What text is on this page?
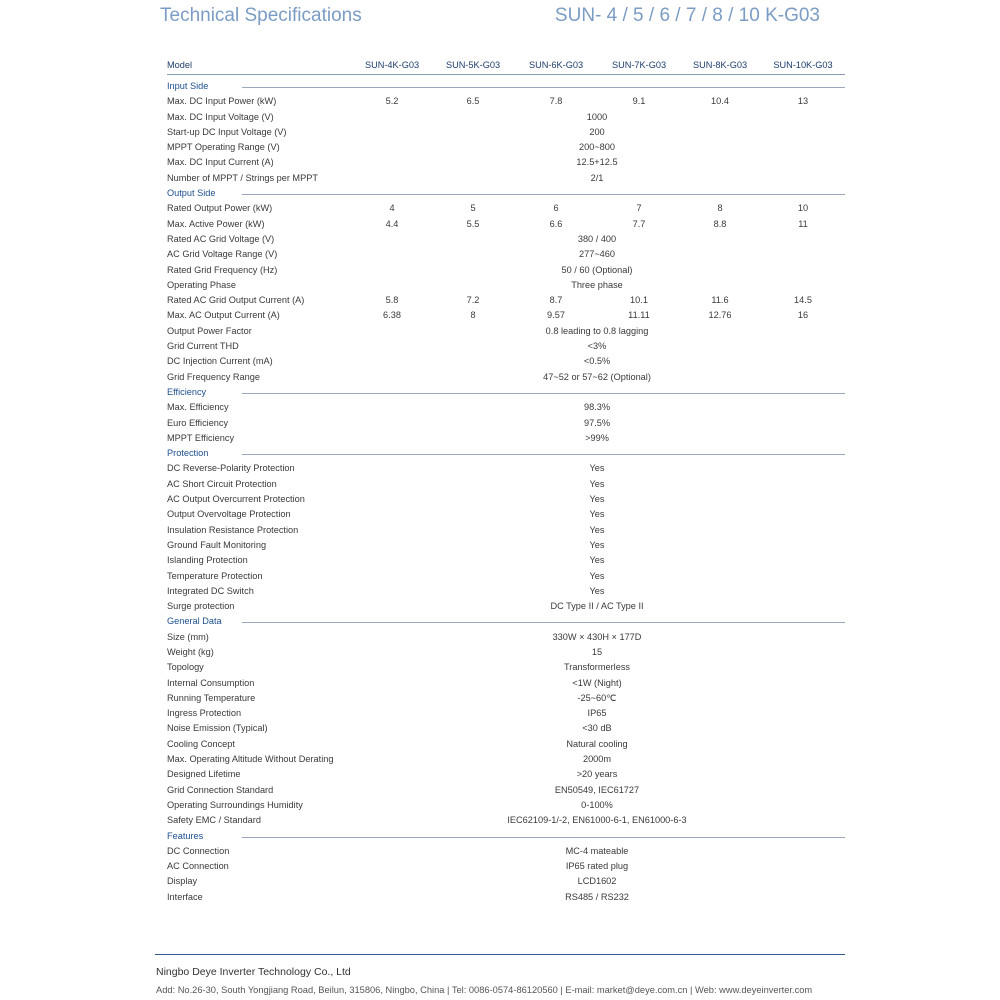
Technical Specifications	SUN- 4 / 5 / 6 / 7 / 8 / 10 K-G03
Model	SUN-4K-G03	SUN-5K-G03	SUN-6K-G03	SUN-7K-G03	SUN-8K-G03	SUN-10K-G03
Input Side
Max. DC Input Power (kW)	5.2	6.5	7.8	9.1	10.4	13
Max. DC Input Voltage (V)	1000
Start-up DC Input Voltage (V)	200
MPPT Operating Range (V)	200~800
Max. DC Input Current (A)	12.5+12.5
Number of MPPT / Strings per MPPT	2/1
Output Side
Rated Output Power (kW)	4	5	6	7	8	10
Max. Active Power (kW)	4.4	5.5	6.6	7.7	8.8	11
Rated AC Grid Voltage (V)	380 / 400
AC Grid Voltage Range (V)	277~460
Rated Grid Frequency (Hz)	50 / 60 (Optional)
Operating Phase	Three phase
Rated AC Grid Output Current (A)	5.8	7.2	8.7	10.1	11.6	14.5
Max. AC Output Current (A)	6.38	8	9.57	11.11	12.76	16
Output Power Factor	0.8 leading to 0.8 lagging
Grid Current THD	<3%
DC Injection Current (mA)	<0.5%
Grid Frequency Range	47~52 or 57~62 (Optional)
Efficiency
Max. Efficiency	98.3%
Euro Efficiency	97.5%
MPPT Efficiency	>99%
Protection
DC Reverse-Polarity Protection	Yes
AC Short Circuit Protection	Yes
AC Output Overcurrent Protection	Yes
Output Overvoltage Protection	Yes
Insulation Resistance Protection	Yes
Ground Fault Monitoring	Yes
Islanding Protection	Yes
Temperature Protection	Yes
Integrated DC Switch	Yes
Surge protection	DC Type II / AC Type II
General Data
Size (mm)	330W × 430H × 177D
Weight (kg)	15
Topology	Transformerless
Internal Consumption	<1W (Night)
Running Temperature	-25~60℃
Ingress Protection	IP65
Noise Emission (Typical)	<30 dB
Cooling Concept	Natural cooling
Max. Operating Altitude Without Derating	2000m
Designed Lifetime	>20 years
Grid Connection Standard	EN50549, IEC61727
Operating Surroundings Humidity	0-100%
Safety EMC / Standard	IEC62109-1/-2, EN61000-6-1, EN61000-6-3
Features
DC Connection	MC-4 mateable
AC Connection	IP65 rated plug
Display	LCD1602
Interface	RS485 / RS232
Ningbo Deye Inverter Technology Co., Ltd
Add: No.26-30, South Yongjiang Road, Beilun, 315806, Ningbo, China | Tel: 0086-0574-86120560 | E-mail: market@deye.com.cn | Web: www.deyeinverter.com
